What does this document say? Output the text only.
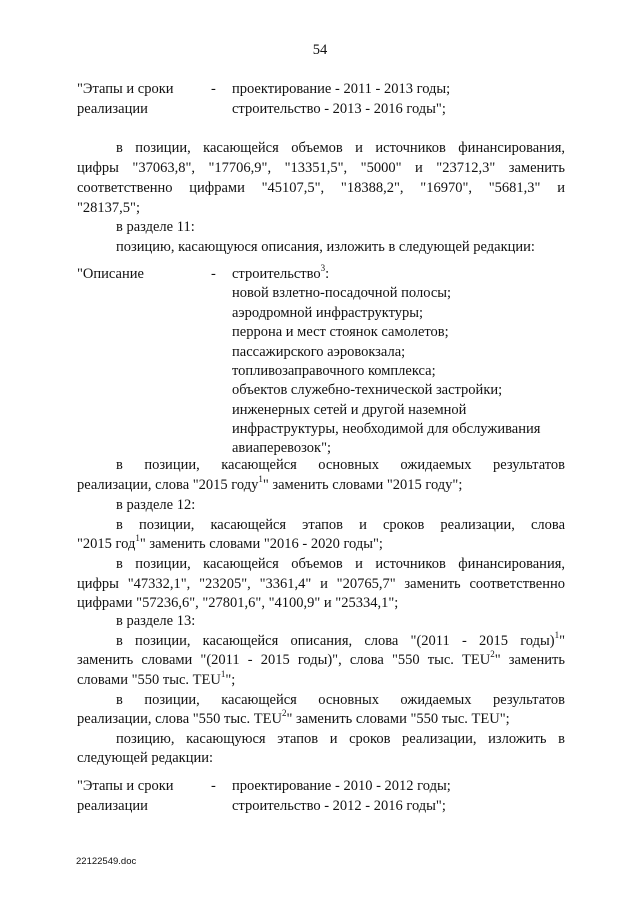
54
"Этапы и сроки
реализации
- проектирование - 2011 - 2013 годы;
строительство - 2013 - 2016 годы";
в позиции, касающейся объемов и источников финансирования,
цифры "37063,8", "17706,9", "13351,5", "5000" и "23712,3" заменить
соответственно цифрами "45107,5", "18388,2", "16970", "5681,3" и
"28137,5";
в разделе 11:
позицию, касающуюся описания, изложить в следующей редакции:
"Описание	- строительство$^3$:
новой взлетно-посадочной полосы;
аэродромной инфраструктуры;
перрона и мест стоянок самолетов;
пассажирского аэровокзала;
топливозаправочного комплекса;
объектов служебно-технической застройки;
инженерных сетей и другой наземной
инфраструктуры, необходимой для обслуживания
авиаперевозок";
в позиции, касающейся основных ожидаемых результатов
реализации, слова "2015 году$^1$" заменить словами "2015 году";
в разделе 12:
в позиции, касающейся этапов и сроков реализации, слова
"2015 год$^1$" заменить словами "2016 - 2020 годы";
в позиции, касающейся объемов и источников финансирования,
цифры "47332,1", "23205", "3361,4" и "20765,7" заменить соответственно
цифрами "57236,6", "27801,6", "4100,9" и "25334,1";
в разделе 13:
в позиции, касающейся описания, слова "(2011 - 2015 годы)$^1$"
заменить словами "(2011 - 2015 годы)", слова "550 тыс. TEU$^2$" заменить
словами "550 тыс. TEU$^1$";
в позиции, касающейся основных ожидаемых результатов
реализации, слова "550 тыс. TEU$^2$" заменить словами "550 тыс. TEU";
позицию, касающуюся этапов и сроков реализации, изложить в
следующей редакции:
"Этапы и сроки
реализации
- проектирование - 2010 - 2012 годы;
строительство - 2012 - 2016 годы";
22122549.doc
